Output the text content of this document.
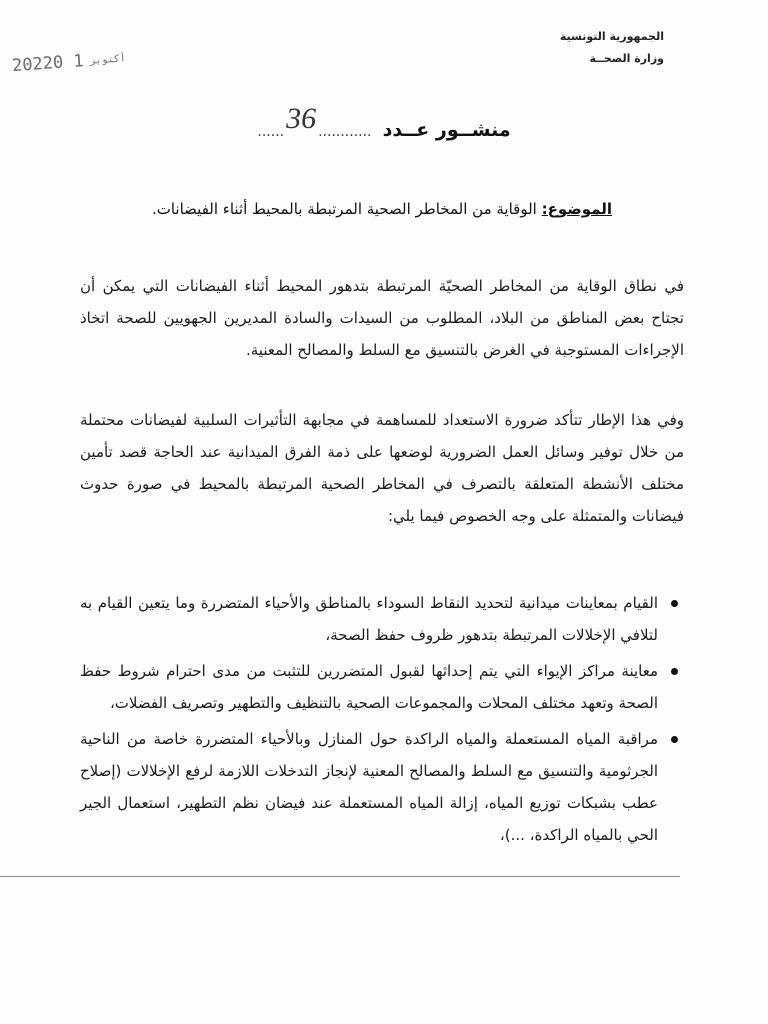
الجمهورية التونسية
وزارة الصحــة
2022	أكتوبر1 0
منشــور عــدد ............36......
الموضوع: الوقاية من المخاطر الصحية المرتبطة بالمحيط أثناء الفيضانات.

في نطاق الوقاية من المخاطر الصحيّة المرتبطة بتدهور المحيط أثناء الفيضانات التي يمكن أن تجتاح بعض المناطق من البلاد، المطلوب من السيدات والسادة المديرين الجهويين للصحة اتخاذ الإجراءات المستوجبة في الغرض بالتنسيق مع السلط والمصالح المعنية.

وفي هذا الإطار تتأكد ضرورة الاستعداد للمساهمة في مجابهة التأثيرات السلبية لفيضانات محتملة من خلال توفير وسائل العمل الضرورية لوضعها على ذمة الفرق الميدانية عند الحاجة قصد تأمين مختلف الأنشطة المتعلقة بالتصرف في المخاطر الصحية المرتبطة بالمحيط في صورة حدوث فيضانات والمتمثلة على وجه الخصوص فيما يلي:

القيام بمعاينات ميدانية لتحديد النقاط السوداء بالمناطق والأحياء المتضررة وما يتعين القيام به لتلافي الإخلالات المرتبطة بتدهور ظروف حفظ الصحة،
معاينة مراكز الإيواء التي يتم إحداثها لقبول المتضررين للتثبت من مدى احترام شروط حفظ الصحة وتعهد مختلف المحلات والمجموعات الصحية بالتنظيف والتطهير وتصريف الفضلات،
مراقبة المياه المستعملة والمياه الراكدة حول المنازل وبالأحياء المتضررة خاصة من الناحية الجرثومية والتنسيق مع السلط والمصالح المعنية لإنجاز التدخلات اللازمة لرفع الإخلالات (إصلاح عطب بشبكات توزيع المياه، إزالة المياه المستعملة عند فيضان نظم التطهير، استعمال الجير الحي بالمياه الراكدة، ...)،
